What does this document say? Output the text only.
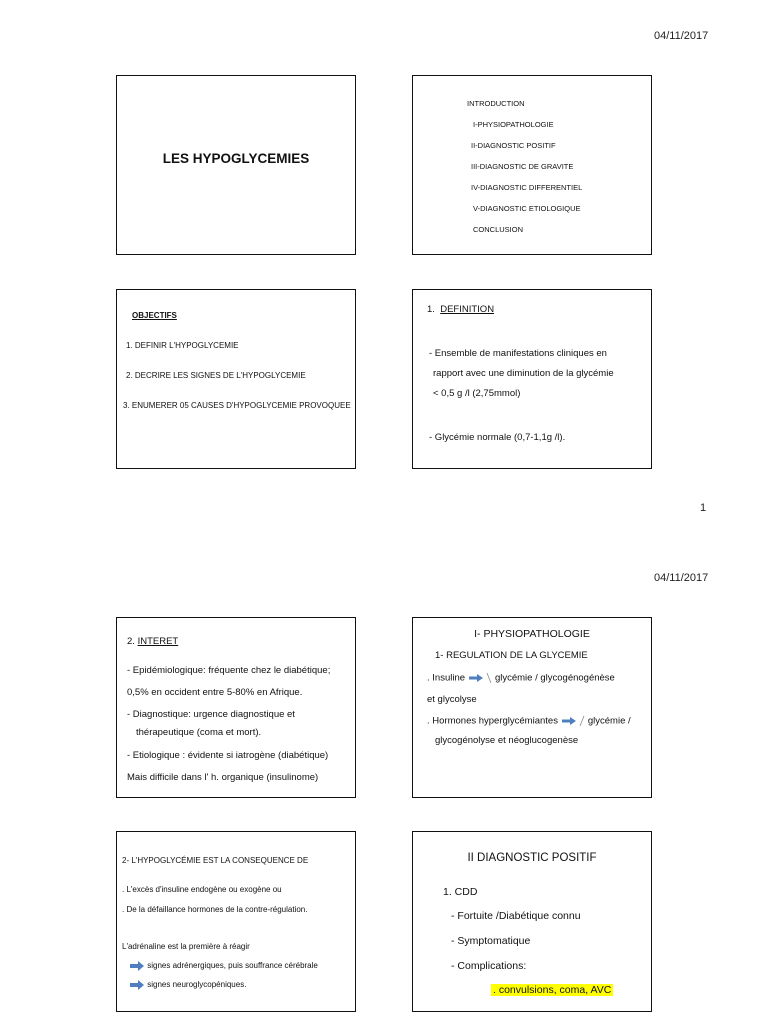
04/11/2017
LES HYPOGLYCEMIES
INTRODUCTION
I-PHYSIOPATHOLOGIE
II-DIAGNOSTIC POSITIF
III-DIAGNOSTIC DE GRAVITE
IV-DIAGNOSTIC DIFFERENTIEL
V-DIAGNOSTIC ETIOLOGIQUE
CONCLUSION
OBJECTIFS
1. DEFINIR L'HYPOGLYCEMIE
2. DECRIRE LES SIGNES DE L'HYPOGLYCEMIE
3. ENUMERER 05 CAUSES D'HYPOGLYCEMIE PROVOQUEE
1. DEFINITION
- Ensemble de manifestations cliniques en
rapport avec une diminution de la glycémie
< 0,5 g /l (2,75mmol)
- Glycémie normale (0,7-1,1g /l).
1
04/11/2017
2. INTERET
- Epidémiologique: fréquente chez le diabétique;
0,5% en occident entre 5-80% en Afrique.
- Diagnostique: urgence diagnostique et
thérapeutique (coma et mort).
- Etiologique : évidente si iatrogène (diabétique)
Mais difficile dans l' h. organique (insulinome)
I- PHYSIOPATHOLOGIE
1- REGULATION DE LA GLYCEMIE
. Insuline	glycémie / glycogénogénèse
et glycolyse
. Hormones hyperglycémiantes	glycémie /
glycogénolyse et néoglucogenèse
2- L'HYPOGLYCÉMIE EST LA CONSEQUENCE DE
. L'excès d'insuline endogène ou exogène ou
. De la défaillance hormones de la contre-régulation.
L'adrénaline est la première à réagir
signes adrénergiques, puis souffrance cérébrale
signes neuroglycopéniques.
II DIAGNOSTIC POSITIF
1. CDD
- Fortuite /Diabétique connu
- Symptomatique
- Complications:
. convulsions, coma, AVC
